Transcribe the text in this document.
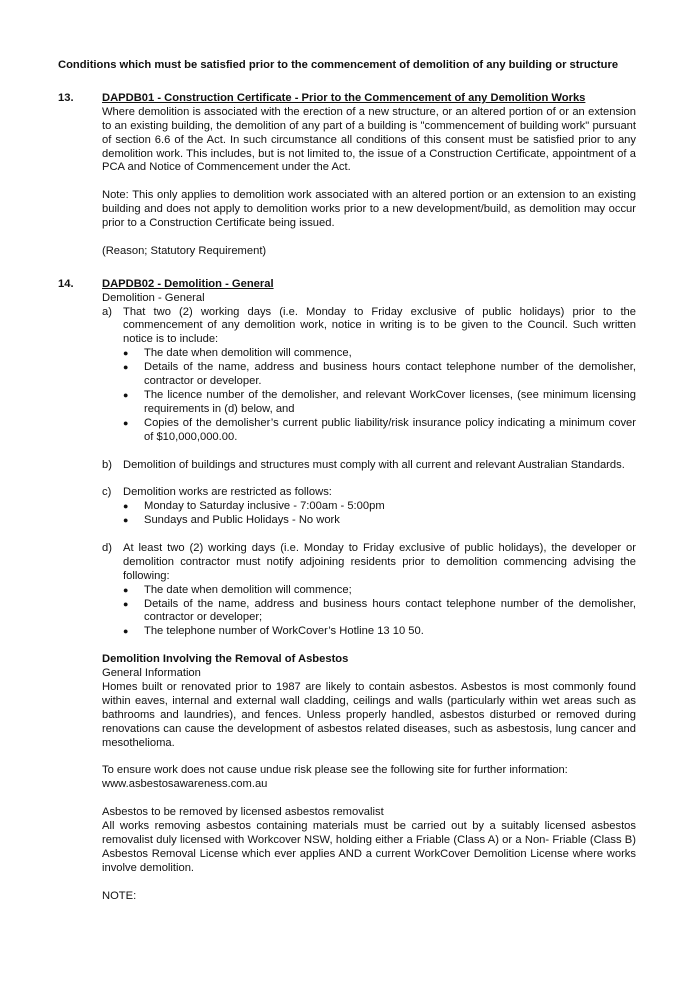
Conditions which must be satisfied prior to the commencement of demolition of any building or structure
13.	DAPDB01 - Construction Certificate - Prior to the Commencement of any Demolition Works

Where demolition is associated with the erection of a new structure, or an altered portion of or an extension to an existing building, the demolition of any part of a building is "commencement of building work" pursuant of section 6.6 of the Act. In such circumstance all conditions of this consent must be satisfied prior to any demolition work. This includes, but is not limited to, the issue of a Construction Certificate, appointment of a PCA and Notice of Commencement under the Act.

Note: This only applies to demolition work associated with an altered portion or an extension to an existing building and does not apply to demolition works prior to a new development/build, as demolition may occur prior to a Construction Certificate being issued.

(Reason; Statutory Requirement)

14.	DAPDB02 - Demolition - General
Demolition - General
a) That two (2) working days (i.e. Monday to Friday exclusive of public holidays) prior to the commencement of any demolition work, notice in writing is to be given to the Council. Such written notice is to include:

●	The date when demolition will commence,
●	Details of the name, address and business hours contact telephone number of the demolisher, contractor or developer.
●	The licence number of the demolisher, and relevant WorkCover licenses, (see minimum licensing requirements in (d) below, and
●	Copies of the demolisher’s current public liability/risk insurance policy indicating a minimum cover of $10,000,000.00.
b) Demolition of buildings and structures must comply with all current and relevant Australian Standards.

c)	Demolition works are restricted as follows:

●	Monday to Saturday inclusive - 7:00am - 5:00pm
●	Sundays and Public Holidays - No work
d) At least two (2) working days (i.e. Monday to Friday exclusive of public holidays), the developer or demolition contractor must notify adjoining residents prior to demolition commencing advising the following:

●	The date when demolition will commence;
●	Details of the name, address and business hours contact telephone number of the demolisher, contractor or developer;
●	The telephone number of WorkCover’s Hotline 13 10 50.
Demolition Involving the Removal of Asbestos
General Information

Homes built or renovated prior to 1987 are likely to contain asbestos. Asbestos is most commonly found within eaves, internal and external wall cladding, ceilings and walls (particularly within wet areas such as bathrooms and laundries), and fences. Unless properly handled, asbestos disturbed or removed during renovations can cause the development of asbestos related diseases, such as asbestosis, lung cancer and mesothelioma.

To ensure work does not cause undue risk please see the following site for further information:

www.asbestosawareness.com.au
Asbestos to be removed by licensed asbestos removalist

All works removing asbestos containing materials must be carried out by a suitably licensed asbestos removalist duly licensed with Workcover NSW, holding either a Friable (Class A) or a Non- Friable (Class B) Asbestos Removal License which ever applies AND a current WorkCover Demolition License where works involve demolition.

NOTE:
